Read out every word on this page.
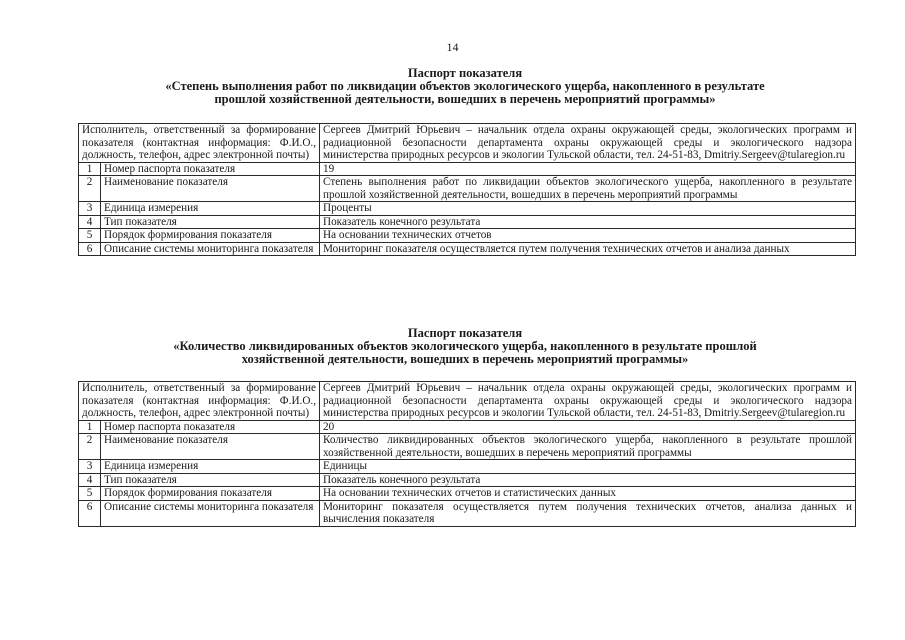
14
Паспорт показателя
«Степень выполнения работ по ликвидации объектов экологического ущерба, накопленного в результате
прошлой хозяйственной деятельности, вошедших в перечень мероприятий программы»
Исполнитель, ответственный за формирование показателя (контактная информация: Ф.И.О., должность, телефон, адрес электронной почты)		Сергеев Дмитрий Юрьевич – начальник отдела охраны окружающей среды, экологических программ и радиационной безопасности департамента охраны окружающей среды и экологического надзора министерства природных ресурсов и экологии Тульской области, тел. 24-51-83, Dmitriy.Sergeev@tularegion.ru
1	Номер паспорта показателя	19
2	Наименование показателя	Степень выполнения работ по ликвидации объектов экологического ущерба, накопленного в результате прошлой хозяйственной деятельности, вошедших в перечень мероприятий программы
3	Единица измерения	Проценты
4	Тип показателя	Показатель конечного результата
5	Порядок формирования показателя	На основании технических отчетов
6	Описание системы мониторинга показателя	Мониторинг показателя осуществляется путем получения технических отчетов и анализа данных
Паспорт показателя
«Количество ликвидированных объектов экологического ущерба, накопленного в результате прошлой
хозяйственной деятельности, вошедших в перечень мероприятий программы»
Исполнитель, ответственный за формирование показателя (контактная информация: Ф.И.О., должность, телефон, адрес электронной почты)		Сергеев Дмитрий Юрьевич – начальник отдела охраны окружающей среды, экологических программ и радиационной безопасности департамента охраны окружающей среды и экологического надзора министерства природных ресурсов и экологии Тульской области, тел. 24-51-83, Dmitriy.Sergeev@tularegion.ru
1	Номер паспорта показателя	20
2	Наименование показателя	Количество ликвидированных объектов экологического ущерба, накопленного в результате прошлой хозяйственной деятельности, вошедших в перечень мероприятий программы
3	Единица измерения	Единицы
4	Тип показателя	Показатель конечного результата
5	Порядок формирования показателя	На основании технических отчетов и статистических данных
6	Описание системы мониторинга показателя	Мониторинг показателя осуществляется путем получения технических отчетов, анализа данных и вычисления показателя
